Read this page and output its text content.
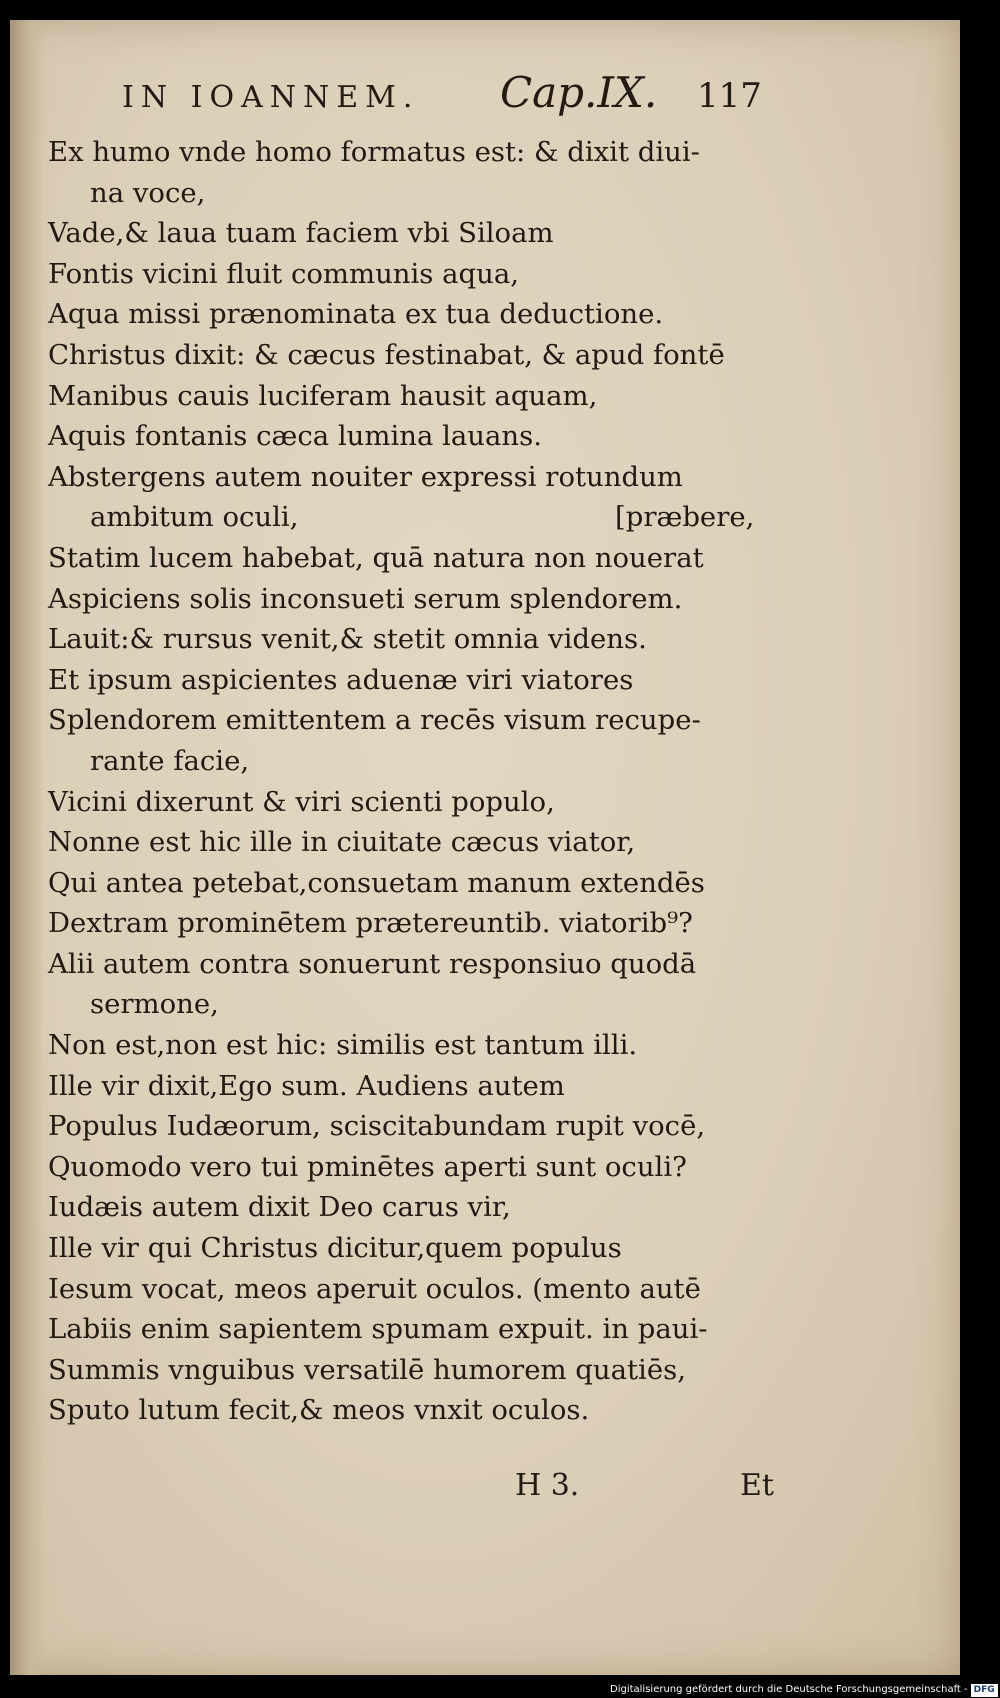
IN IOANNEM. Cap.IX. 117
Ex humo vnde homo formatus est: & dixit diui-
na voce,
Vade,& laua tuam faciem vbi Siloam
Fontis vicini fluit communis aqua,
Aqua missi prænominata ex tua deductione.
Christus dixit: & cæcus festinabat, & apud fontē
Manibus cauis luciferam hausit aquam,
Aquis fontanis cæca lumina lauans.
Abstergens autem nouiter expressi rotundum
ambitum oculi,	[præbere,
Statim lucem habebat, quā natura non nouerat
Aspiciens solis inconsueti serum splendorem.
Lauit:& rursus venit,& stetit omnia videns.
Et ipsum aspicientes aduenæ viri viatores
Splendorem emittentem a recēs visum recupe-
rante facie,
Vicini dixerunt & viri scienti populo,
Nonne est hic ille in ciuitate cæcus viator,
Qui antea petebat,consuetam manum extendēs
Dextram prominētem prætereuntib. viatorib⁹?
Alii autem contra sonuerunt responsiuo quodā
sermone,
Non est,non est hic: similis est tantum illi.
Ille vir dixit,Ego sum. Audiens autem
Populus Iudæorum, sciscitabundam rupit vocē,
Quomodo vero tui pminētes aperti sunt oculi?
Iudæis autem dixit Deo carus vir,
Ille vir qui Christus dicitur,quem populus
Iesum vocat, meos aperuit oculos. (mento autē
Labiis enim sapientem spumam expuit. in paui-
Summis vnguibus versatilē humorem quatiēs,
Sputo lutum fecit,& meos vnxit oculos.
H 3.	Et
Digitalisierung gefördert durch die Deutsche Forschungsgemeinschaft - DFG
